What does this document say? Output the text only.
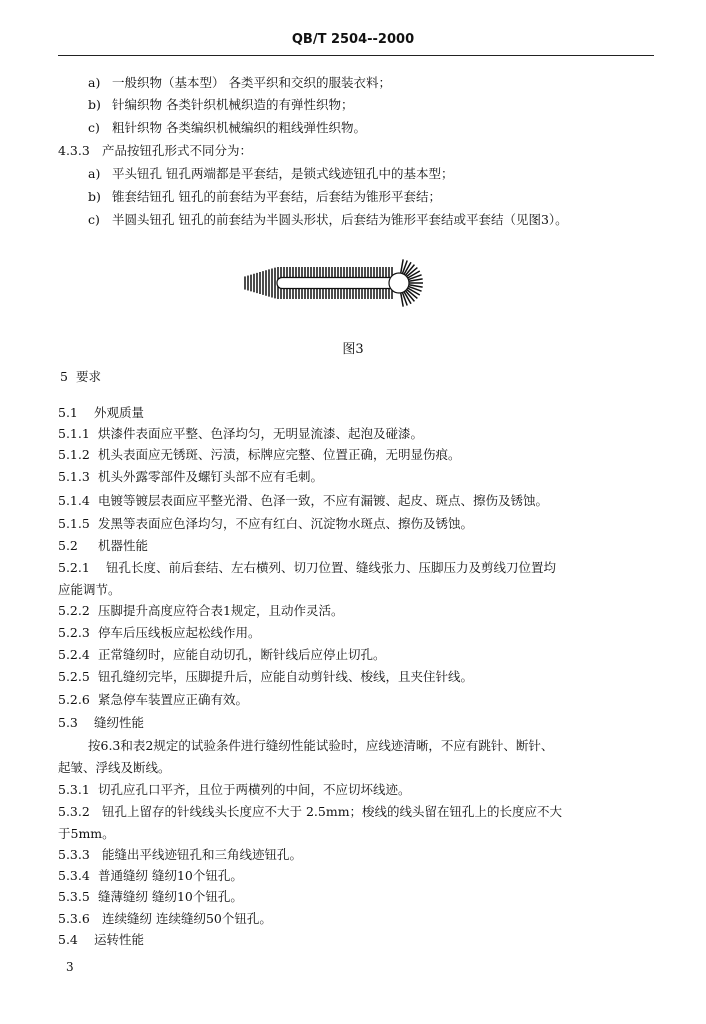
QB/T 2504--2000
a) 一般织物（基本型） 各类平织和交织的服装衣料；
b) 针编织物 各类针织机械织造的有弹性织物；
c) 粗针织物 各类编织机械编织的粗线弹性织物。
4.3.3 产品按钮孔形式不同分为：
a) 平头钮孔 钮孔两端都是平套结，是锁式线迹钮孔中的基本型；
b) 锥套结钮孔 钮孔的前套结为平套结，后套结为锥形平套结；
c) 半圆头钮孔 钮孔的前套结为半圆头形状，后套结为锥形平套结或平套结（见图3）。
5 要求
5.1 外观质量
5.1.1 烘漆件表面应平整、色泽均匀，无明显流漆、起泡及碰漆。
5.1.2 机头表面应无锈斑、污渍，标牌应完整、位置正确，无明显伤痕。
5.1.3 机头外露零部件及螺钉头部不应有毛刺。
5.1.4 电镀等镀层表面应平整光滑、色泽一致，不应有漏镀、起皮、斑点、擦伤及锈蚀。
5.1.5 发黑等表面应色泽均匀，不应有红白、沉淀物水斑点、擦伤及锈蚀。
5.2 机器性能
5.2.1 钮孔长度、前后套结、左右横列、切刀位置、缝线张力、压脚压力及剪线刀位置均
应能调节。
5.2.2 压脚提升高度应符合表1规定，且动作灵活。
5.2.3 停车后压线板应起松线作用。
5.2.4 正常缝纫时，应能自动切孔，断针线后应停止切孔。
5.2.5 钮孔缝纫完毕，压脚提升后，应能自动剪针线、梭线，且夹住针线。
5.2.6 紧急停车装置应正确有效。
5.3 缝纫性能
按6.3和表2规定的试验条件进行缝纫性能试验时，应线迹清晰，不应有跳针、断针、
起皱、浮线及断线。
5.3.1 切孔应孔口平齐，且位于两横列的中间，不应切坏线迹。
5.3.2 钮孔上留存的针线线头长度应不大于 2.5mm；梭线的线头留在钮孔上的长度应不大
于5mm。
5.3.3 能缝出平线迹钮孔和三角线迹钮孔。
5.3.4 普通缝纫 缝纫10个钮孔。
5.3.5 缝薄缝纫 缝纫10个钮孔。
5.3.6 连续缝纫 连续缝纫50个钮孔。
5.4 运转性能
图3
3
